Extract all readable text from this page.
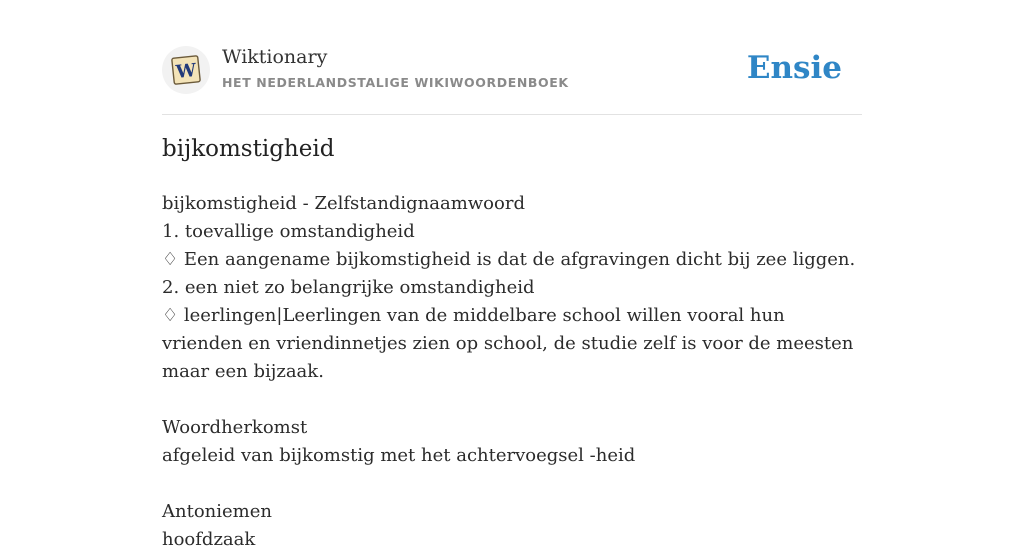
W
Wiktionary
HET NEDERLANDSTALIGE WIKIWOORDENBOEK	Ensie
bijkomstigheid
bijkomstigheid - Zelfstandignaamwoord
1. toevallige omstandigheid
♢ Een aangename bijkomstigheid is dat de afgravingen dicht bij zee liggen.
2. een niet zo belangrijke omstandigheid
♢ leerlingen|Leerlingen van de middelbare school willen vooral hun vrienden en vriendinnetjes zien op school, de studie zelf is voor de meesten maar een bijzaak.
Woordherkomst
afgeleid van bijkomstig met het achtervoegsel -heid
Antoniemen
hoofdzaak
